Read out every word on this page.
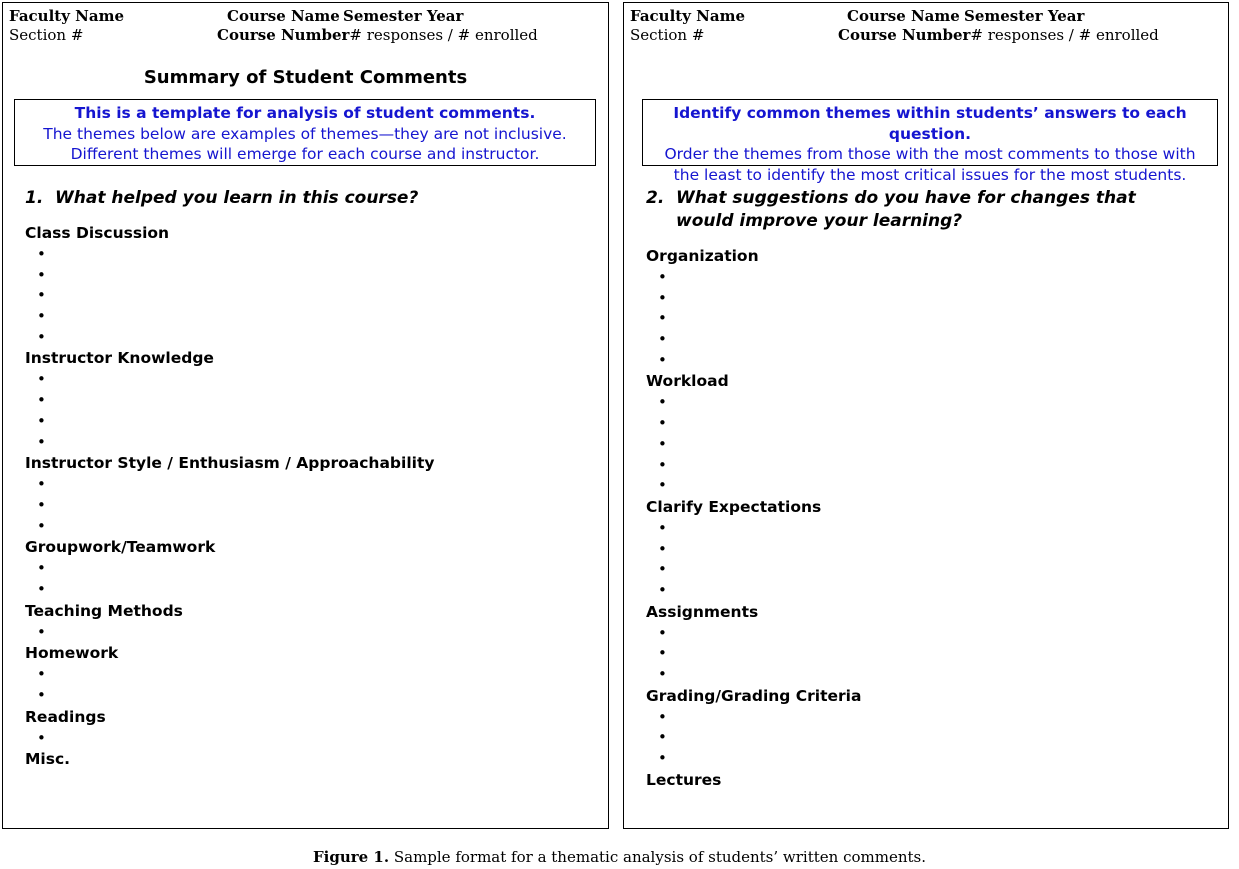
Faculty Name	Course Name Semester Year
Section #	Course Number# responses / # enrolled
Summary of Student Comments
This is a template for analysis of student comments.
The themes below are examples of themes—they are not inclusive.
Different themes will emerge for each course and instructor.
1. What helped you learn in this course?
Class Discussion
•
•
•
•
•
Instructor Knowledge
•
•
•
•
Instructor Style / Enthusiasm / Approachability
•
•
•
Groupwork/Teamwork
•
•
Teaching Methods
•
Homework
•
•
Readings
•
Misc.
Faculty Name	Course Name Semester Year
Section #	Course Number# responses / # enrolled
Identify common themes within students’ answers to each question.
Order the themes from those with the most comments to those with
the least to identify the most critical issues for the most students.
2. What suggestions do you have for changes that would improve your learning?
Organization
•
•
•
•
•
Workload
•
•
•
•
•
Clarify Expectations
•
•
•
•
Assignments
•
•
•
Grading/Grading Criteria
•
•
•
Lectures
Figure 1. Sample format for a thematic analysis of students’ written comments.
